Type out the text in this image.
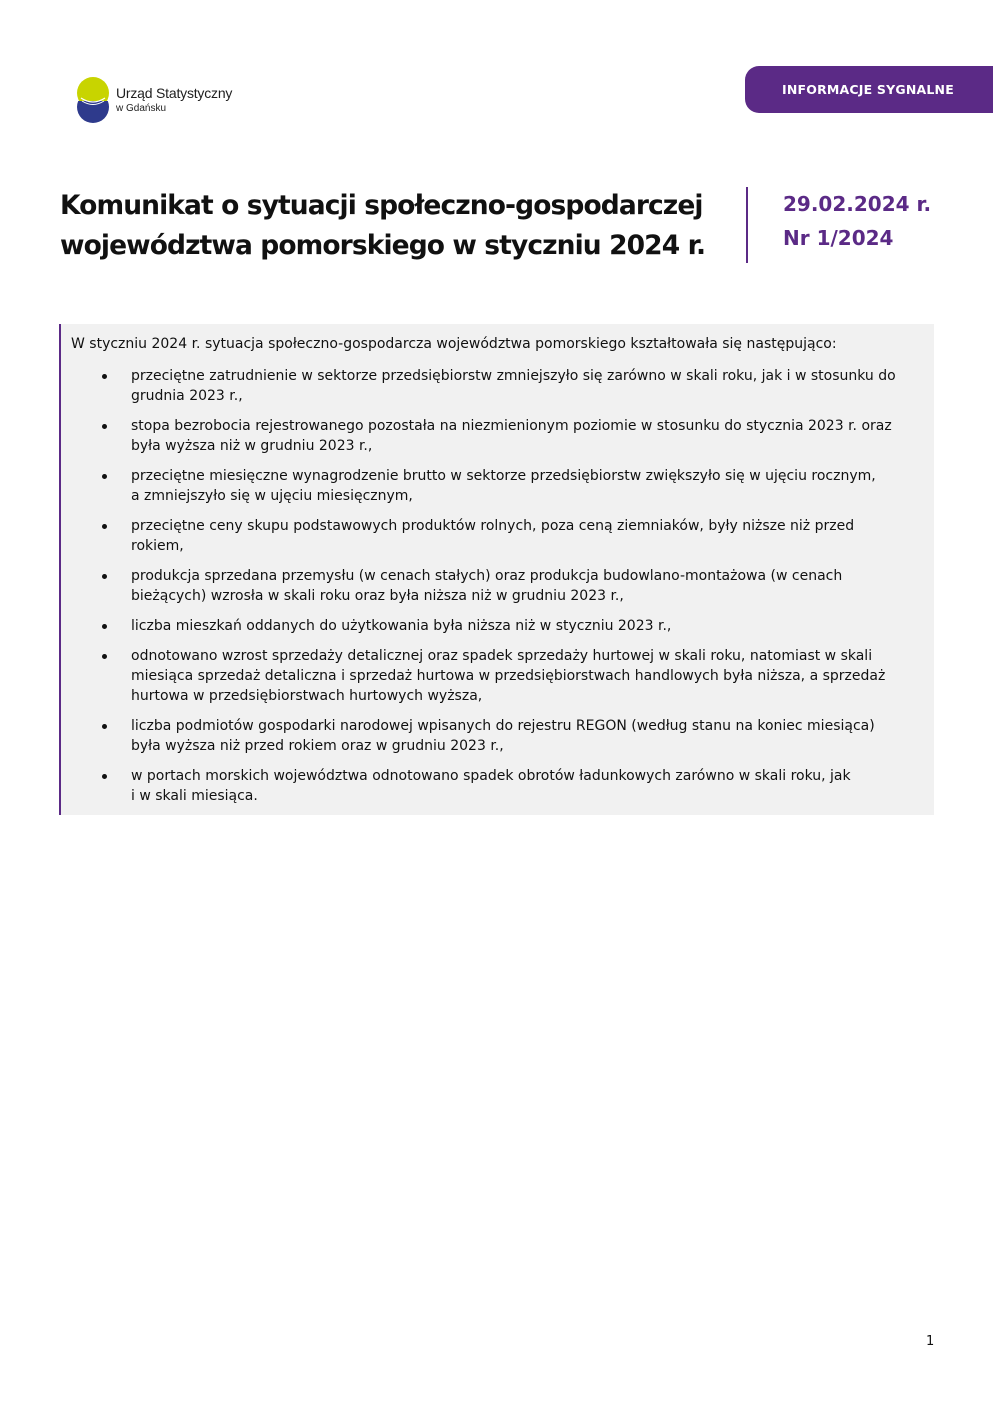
Urząd Statystyczny
w Gdańsku
INFORMACJE SYGNALNE
Komunikat o sytuacji społeczno-gospodarczej
województwa pomorskiego w styczniu 2024 r.
29.02.2024 r.
Nr 1/2024

W styczniu 2024 r. sytuacja społeczno-gospodarcza województwa pomorskiego kształtowała się następująco:

przeciętne zatrudnienie w sektorze przedsiębiorstw zmniejszyło się zarówno w skali roku, jak i w stosunku do
grudnia 2023 r.,
stopa bezrobocia rejestrowanego pozostała na niezmienionym poziomie w stosunku do stycznia 2023 r. oraz
była wyższa niż w grudniu 2023 r.,
przeciętne miesięczne wynagrodzenie brutto w sektorze przedsiębiorstw zwiększyło się w ujęciu rocznym,
a zmniejszyło się w ujęciu miesięcznym,
przeciętne ceny skupu podstawowych produktów rolnych, poza ceną ziemniaków, były niższe niż przed
rokiem,
produkcja sprzedana przemysłu (w cenach stałych) oraz produkcja budowlano-montażowa (w cenach
bieżących) wzrosła w skali roku oraz była niższa niż w grudniu 2023 r.,
liczba mieszkań oddanych do użytkowania była niższa niż w styczniu 2023 r.,
odnotowano wzrost sprzedaży detalicznej oraz spadek sprzedaży hurtowej w skali roku, natomiast w skali
miesiąca sprzedaż detaliczna i sprzedaż hurtowa w przedsiębiorstwach handlowych była niższa, a sprzedaż
hurtowa w przedsiębiorstwach hurtowych wyższa,
liczba podmiotów gospodarki narodowej wpisanych do rejestru REGON (według stanu na koniec miesiąca)
była wyższa niż przed rokiem oraz w grudniu 2023 r.,
w portach morskich województwa odnotowano spadek obrotów ładunkowych zarówno w skali roku, jak
i w skali miesiąca.
1
